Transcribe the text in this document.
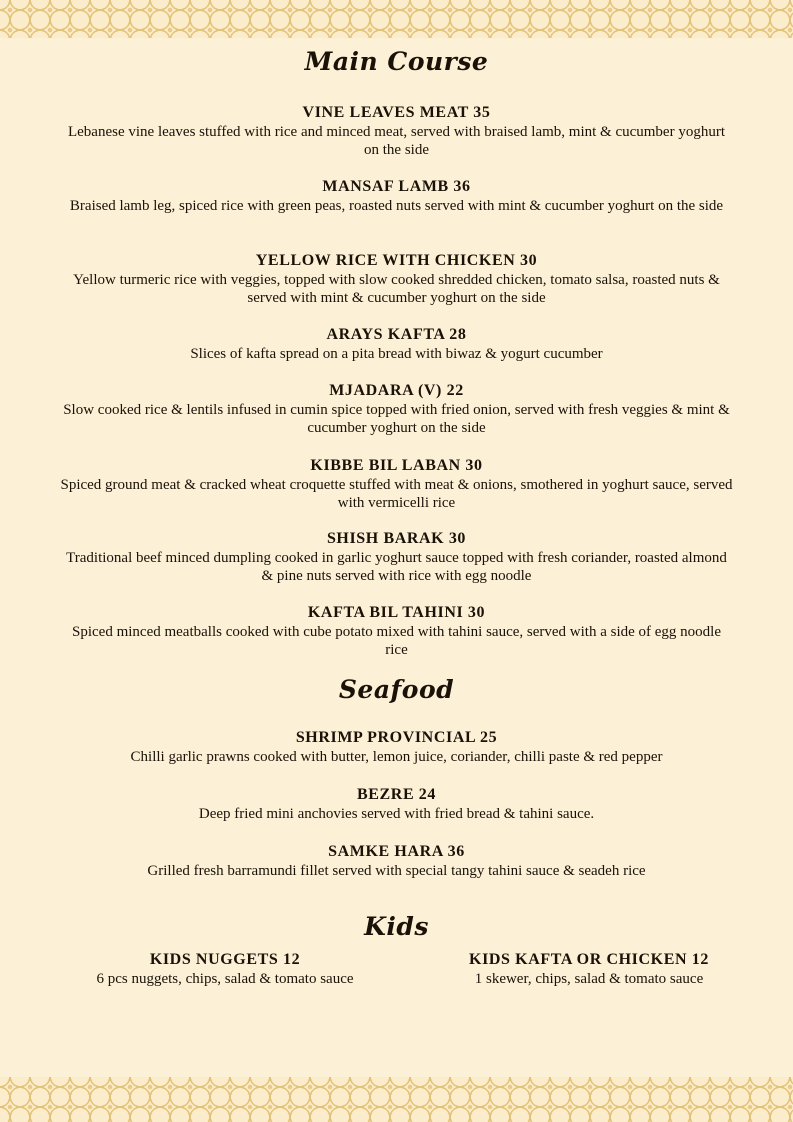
Main Course
VINE LEAVES MEAT 35
Lebanese vine leaves stuffed with rice and minced meat, served with braised lamb, mint & cucumber yoghurt on the side
MANSAF LAMB 36
Braised lamb leg, spiced rice with green peas, roasted nuts served with mint & cucumber yoghurt on the side
YELLOW RICE WITH CHICKEN 30
Yellow turmeric rice with veggies, topped with slow cooked shredded chicken, tomato salsa, roasted nuts & served with mint & cucumber yoghurt on the side
ARAYS KAFTA 28
Slices of kafta spread on a pita bread with biwaz & yogurt cucumber
MJADARA (V) 22
Slow cooked rice & lentils infused in cumin spice topped with fried onion, served with fresh veggies & mint & cucumber yoghurt on the side
KIBBE BIL LABAN 30
Spiced ground meat & cracked wheat croquette stuffed with meat & onions, smothered in yoghurt sauce, served with vermicelli rice
SHISH BARAK 30
Traditional beef minced dumpling cooked in garlic yoghurt sauce topped with fresh coriander, roasted almond & pine nuts served with rice with egg noodle
KAFTA BIL TAHINI 30
Spiced minced meatballs cooked with cube potato mixed with tahini sauce, served with a side of egg noodle rice
Seafood
SHRIMP PROVINCIAL 25
Chilli garlic prawns cooked with butter, lemon juice, coriander, chilli paste & red pepper
BEZRE 24
Deep fried mini anchovies served with fried bread & tahini sauce.
SAMKE HARA 36
Grilled fresh barramundi fillet served with special tangy tahini sauce & seadeh rice
Kids
KIDS NUGGETS 12
6 pcs nuggets, chips, salad & tomato sauce
KIDS KAFTA OR CHICKEN 12
1 skewer, chips, salad & tomato sauce
